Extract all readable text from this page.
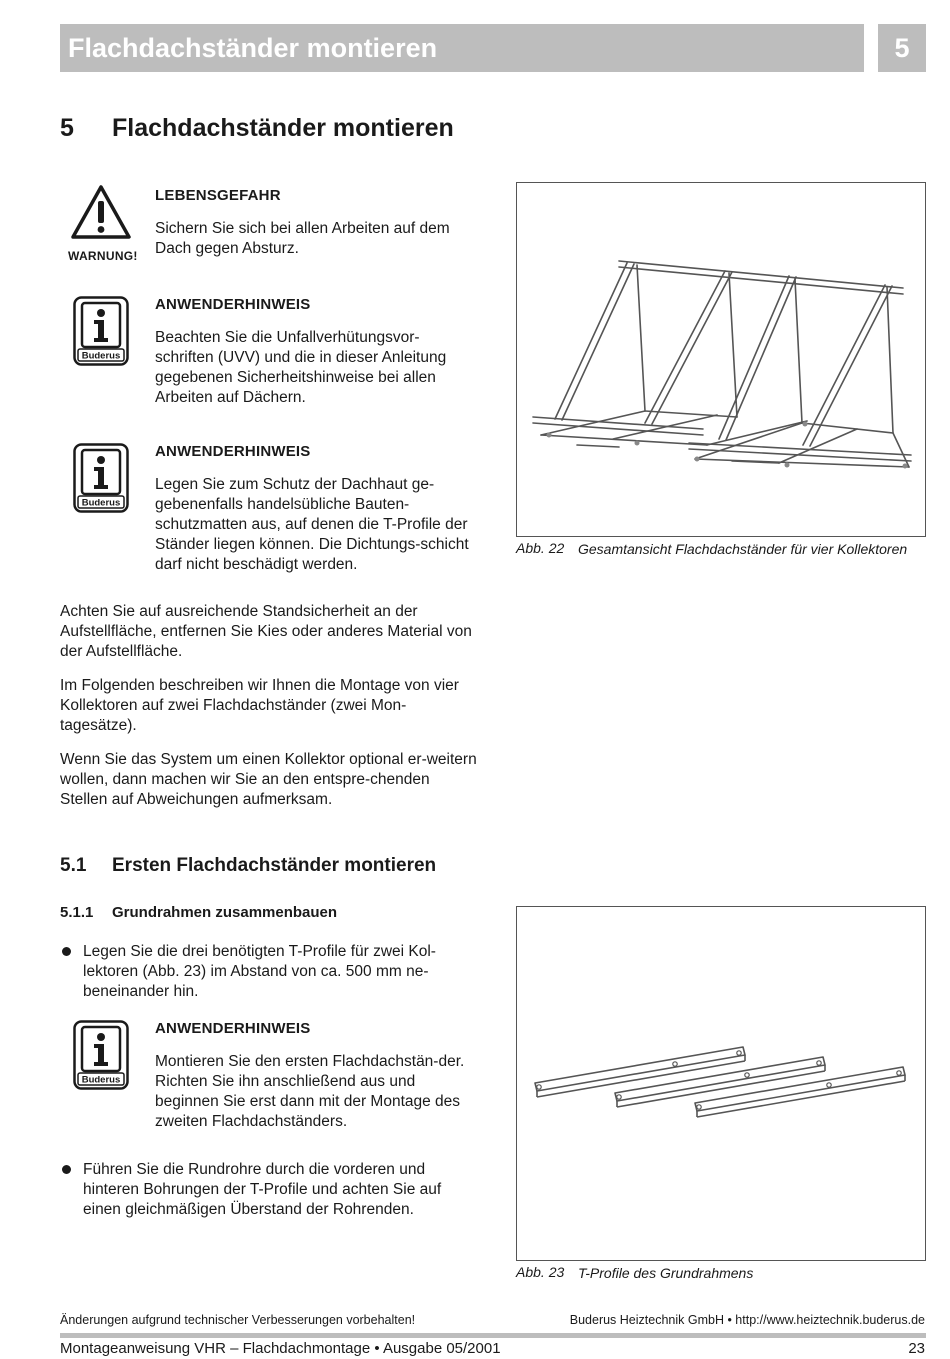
Flachdachständer montieren	5
5 Flachdachständer montieren
WARNUNG!
LEBENSGEFAHR
Sichern Sie sich bei allen Arbeiten auf dem Dach gegen Absturz.
Buderus
ANWENDERHINWEIS
Beachten Sie die Unfallverhütungsvor-schriften (UVV) und die in dieser Anleitung gegebenen Sicherheitshinweise bei allen Arbeiten auf Dächern.
Buderus
ANWENDERHINWEIS
Legen Sie zum Schutz der Dachhaut ge-gebenenfalls handelsübliche Bauten-schutzmatten aus, auf denen die T-Profile der Ständer liegen können. Die Dichtungs-schicht darf nicht beschädigt werden.
Abb. 22 Gesamtansicht Flachdachständer für vier Kollektoren
Achten Sie auf ausreichende Standsicherheit an der Aufstellfläche, entfernen Sie Kies oder anderes Material von der Aufstellfläche.
Im Folgenden beschreiben wir Ihnen die Montage von vier Kollektoren auf zwei Flachdachständer (zwei Mon-tagesätze).
Wenn Sie das System um einen Kollektor optional er-weitern wollen, dann machen wir Sie an den entspre-chenden Stellen auf Abweichungen aufmerksam.
5.1 Ersten Flachdachständer montieren
5.1.1 Grundrahmen zusammenbauen
Legen Sie die drei benötigten T-Profile für zwei Kol-lektoren (Abb. 23) im Abstand von ca. 500 mm ne-beneinander hin.
Buderus
ANWENDERHINWEIS
Montieren Sie den ersten Flachdachstän-der. Richten Sie ihn anschließend aus und beginnen Sie erst dann mit der Montage des zweiten Flachdachständers.
Führen Sie die Rundrohre durch die vorderen und hinteren Bohrungen der T-Profile und achten Sie auf einen gleichmäßigen Überstand der Rohrenden.
Abb. 23 T-Profile des Grundrahmens
Änderungen aufgrund technischer Verbesserungen vorbehalten!	Buderus Heiztechnik GmbH • http://www.heiztechnik.buderus.de
Montageanweisung VHR – Flachdachmontage • Ausgabe 05/2001	23
